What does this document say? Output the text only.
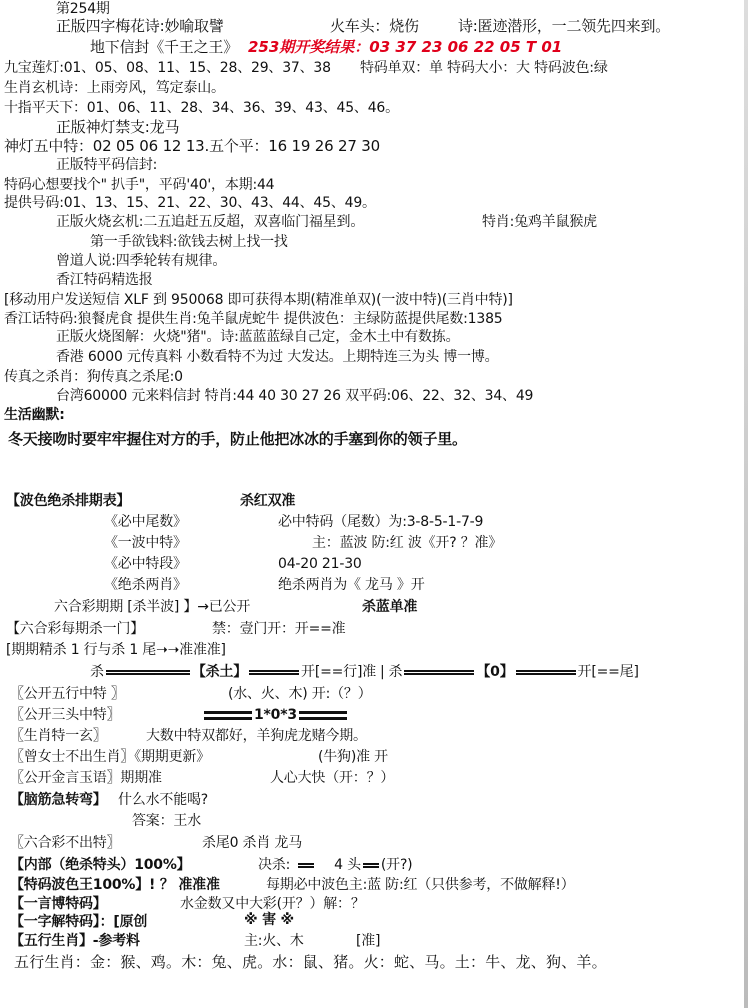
第254期
正版四字梅花诗:妙喻取譬	火车头：烧伤	诗:匿迹潜形，一二领先四来到。
地下信封《千王之王》 253期开奖结果：03 37 23 06 22 05 T 01
九宝莲灯:01、05、08、11、15、28、29、37、38 特码单双：单 特码大小：大 特码波色:绿
生肖玄机诗：上雨旁风，笃定泰山。
十指平天下：01、06、11、28、34、36、39、43、45、46。
正版神灯禁支:龙马
神灯五中特：02 05 06 12 13.五个平：16 19 26 27 30
正版特平码信封:
特码心想要找个" 扒手"，平码'40'，本期:44
提供号码:01、13、15、21、22、30、43、44、45、49。
正版火烧玄机:二五追赶五反超，双喜临门福星到。	特肖:兔鸡羊鼠猴虎
第一手欲钱料:欲钱去树上找一找
曾道人说:四季轮转有规律。
香江特码精选报
[移动用户发送短信 XLF 到 950068 即可获得本期(精准单双)(一波中特)(三肖中特)]
香江话特码:狼餐虎食 提供生肖:兔羊鼠虎蛇牛 提供波色：主绿防蓝提供尾数:1385
正版火烧图解：火烧"猪"。诗:蓝蓝蓝绿自己定，金木土中有数拣。
香港 6000 元传真料 小数看特不为过 大发达。上期特连三为头 博一博。
传真之杀肖：狗传真之杀尾:0
台湾60000 元来料信封 特肖:44 40 30 27 26 双平码:06、22、32、34、49
生活幽默:
冬天接吻时要牢牢握住对方的手，防止他把冰冰的手塞到你的领子里。
【波色绝杀排期表】	杀红双准
《必中尾数》	必中特码（尾数）为:3-8-5-1-7-9
《一波中特》	主：蓝波 防:红 波《开? ？准》
《必中特段》	04-20 21-30
《绝杀两肖》	绝杀两肖为《 龙马 》开
六合彩期期 [杀半波] 】→已公开	杀蓝单准
【六合彩每期杀一门】	禁：壹门开：开==准
[期期精杀 1 行与杀 1 尾➝➝准准准]
杀	【杀土】	开[==行]准 | 杀	【0】	开[==尾]
〖公开五行中特 〗	(水、火、木) 开:（？）
〖公开三头中特〗	1*0*3
〖生肖特一玄〗	大数中特双都好，羊狗虎龙赌今期。
〖曾女士不出生肖〗《期期更新》	(牛狗)准 开
〖公开金言玉语〗期期准	人心大快（开：？）
【脑筋急转弯】 什么水不能喝?
答案：王水
〖六合彩不出特〗	杀尾0 杀肖 龙马
【内部（绝杀特头）100%】	决杀:	4 头 (开?)
【特码波色王100%】! ？ 准准准	每期必中波色主:蓝 防:红（只供参考，不做解释!）
【一言博特码】	水金数又中大彩(开？）解：？
【一字解特码】：[原创	※ 害 ※
【五行生肖】-参考料	主:火、木	[准]
五行生肖：金：猴、鸡。木：兔、虎。水：鼠、猪。火：蛇、马。土：牛、龙、狗、羊。
